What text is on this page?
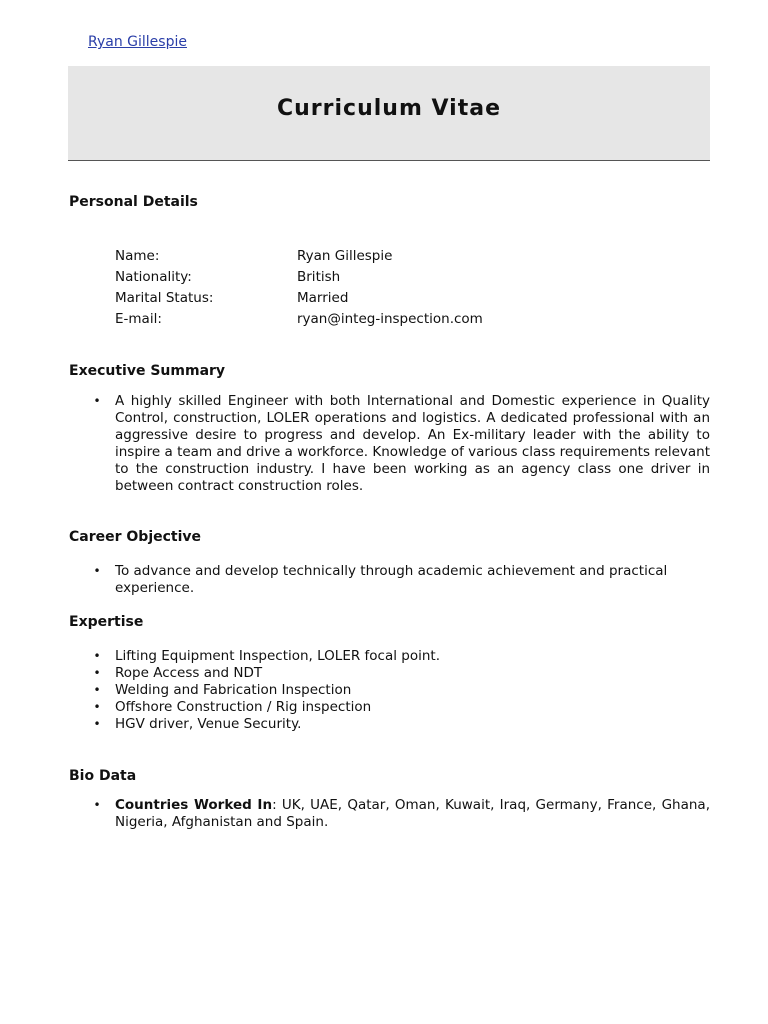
Ryan Gillespie
Curriculum Vitae
Personal Details
Name:	Ryan Gillespie
Nationality:	British
Marital Status:	Married
E-mail:	ryan@integ-inspection.com
Executive Summary
• A highly skilled Engineer with both International and Domestic experience in Quality Control, construction, LOLER operations and logistics. A dedicated professional with an aggressive desire to progress and develop. An Ex-military leader with the ability to inspire a team and drive a workforce. Knowledge of various class requirements relevant to the construction industry. I have been working as an agency class one driver in between contract construction roles.
Career Objective
• To advance and develop technically through academic achievement and practical experience.
Expertise
• Lifting Equipment Inspection, LOLER focal point.
• Rope Access and NDT
• Welding and Fabrication Inspection
• Offshore Construction / Rig inspection
• HGV driver, Venue Security.
Bio Data
• Countries Worked In: UK, UAE, Qatar, Oman, Kuwait, Iraq, Germany, France, Ghana, Nigeria, Afghanistan and Spain.
